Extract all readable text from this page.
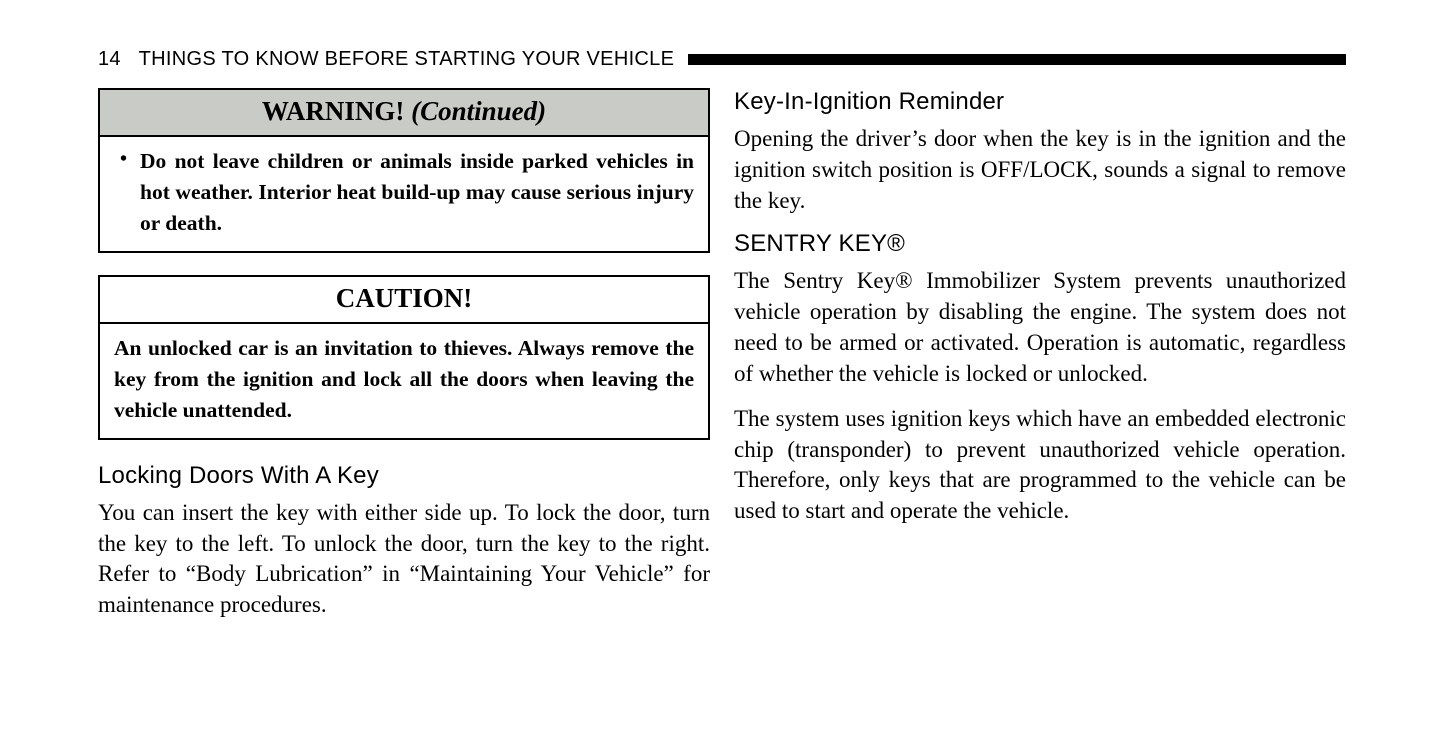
14 THINGS TO KNOW BEFORE STARTING YOUR VEHICLE
WARNING! (Continued)
• Do not leave children or animals inside parked vehicles in hot weather. Interior heat build-up may cause serious injury or death.
CAUTION!
An unlocked car is an invitation to thieves. Always remove the key from the ignition and lock all the doors when leaving the vehicle unattended.
Locking Doors With A Key

You can insert the key with either side up. To lock the door, turn the key to the left. To unlock the door, turn the key to the right. Refer to “Body Lubrication” in “Maintaining Your Vehicle” for maintenance procedures.

Key-In-Ignition Reminder

Opening the driver’s door when the key is in the ignition and the ignition switch position is OFF/LOCK, sounds a signal to remove the key.

SENTRY KEY®

The Sentry Key® Immobilizer System prevents unauthorized vehicle operation by disabling the engine. The system does not need to be armed or activated. Operation is automatic, regardless of whether the vehicle is locked or unlocked.

The system uses ignition keys which have an embedded electronic chip (transponder) to prevent unauthorized vehicle operation. Therefore, only keys that are programmed to the vehicle can be used to start and operate the vehicle.
